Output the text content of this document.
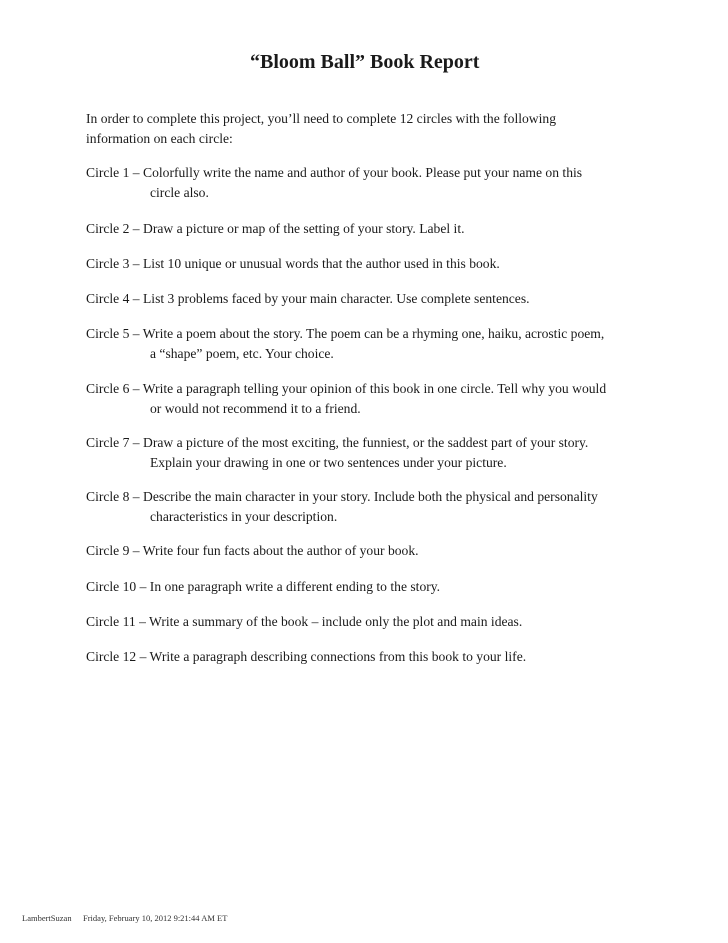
“Bloom Ball” Book Report
In order to complete this project, you’ll need to complete 12 circles with the following
information on each circle:
Circle 1 – Colorfully write the name and author of your book. Please put your name on this
circle also.
Circle 2 – Draw a picture or map of the setting of your story. Label it.
Circle 3 – List 10 unique or unusual words that the author used in this book.
Circle 4 – List 3 problems faced by your main character. Use complete sentences.
Circle 5 – Write a poem about the story. The poem can be a rhyming one, haiku, acrostic poem,
a “shape” poem, etc. Your choice.
Circle 6 – Write a paragraph telling your opinion of this book in one circle. Tell why you would
or would not recommend it to a friend.
Circle 7 – Draw a picture of the most exciting, the funniest, or the saddest part of your story.
Explain your drawing in one or two sentences under your picture.
Circle 8 – Describe the main character in your story. Include both the physical and personality
characteristics in your description.
Circle 9 – Write four fun facts about the author of your book.
Circle 10 – In one paragraph write a different ending to the story.
Circle 11 – Write a summary of the book – include only the plot and main ideas.
Circle 12 – Write a paragraph describing connections from this book to your life.
LambertSuzan Friday, February 10, 2012 9:21:44 AM ET
